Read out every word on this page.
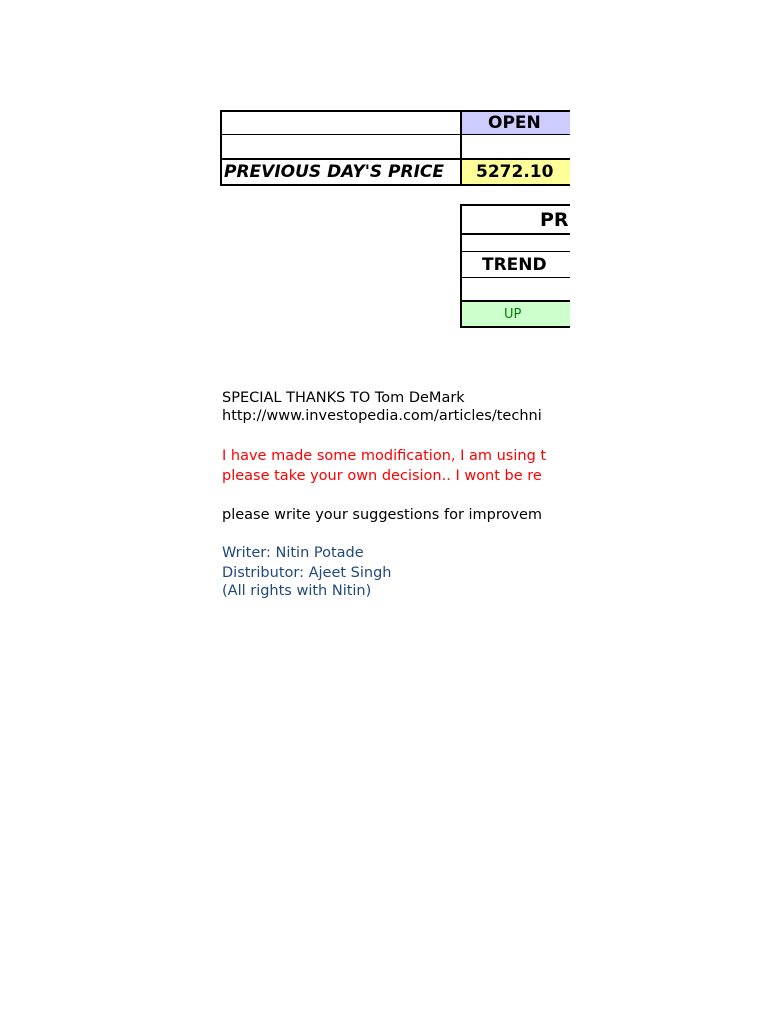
OPEN
PREVIOUS DAY'S PRICE	5272.10
PR
TREND
UP
SPECIAL THANKS TO Tom DeMark
http://www.investopedia.com/articles/techni
I have made some modification, I am using t
please take your own decision.. I wont be re
please write your suggestions for improvem
Writer: Nitin Potade
Distributor: Ajeet Singh
(All rights with Nitin)
